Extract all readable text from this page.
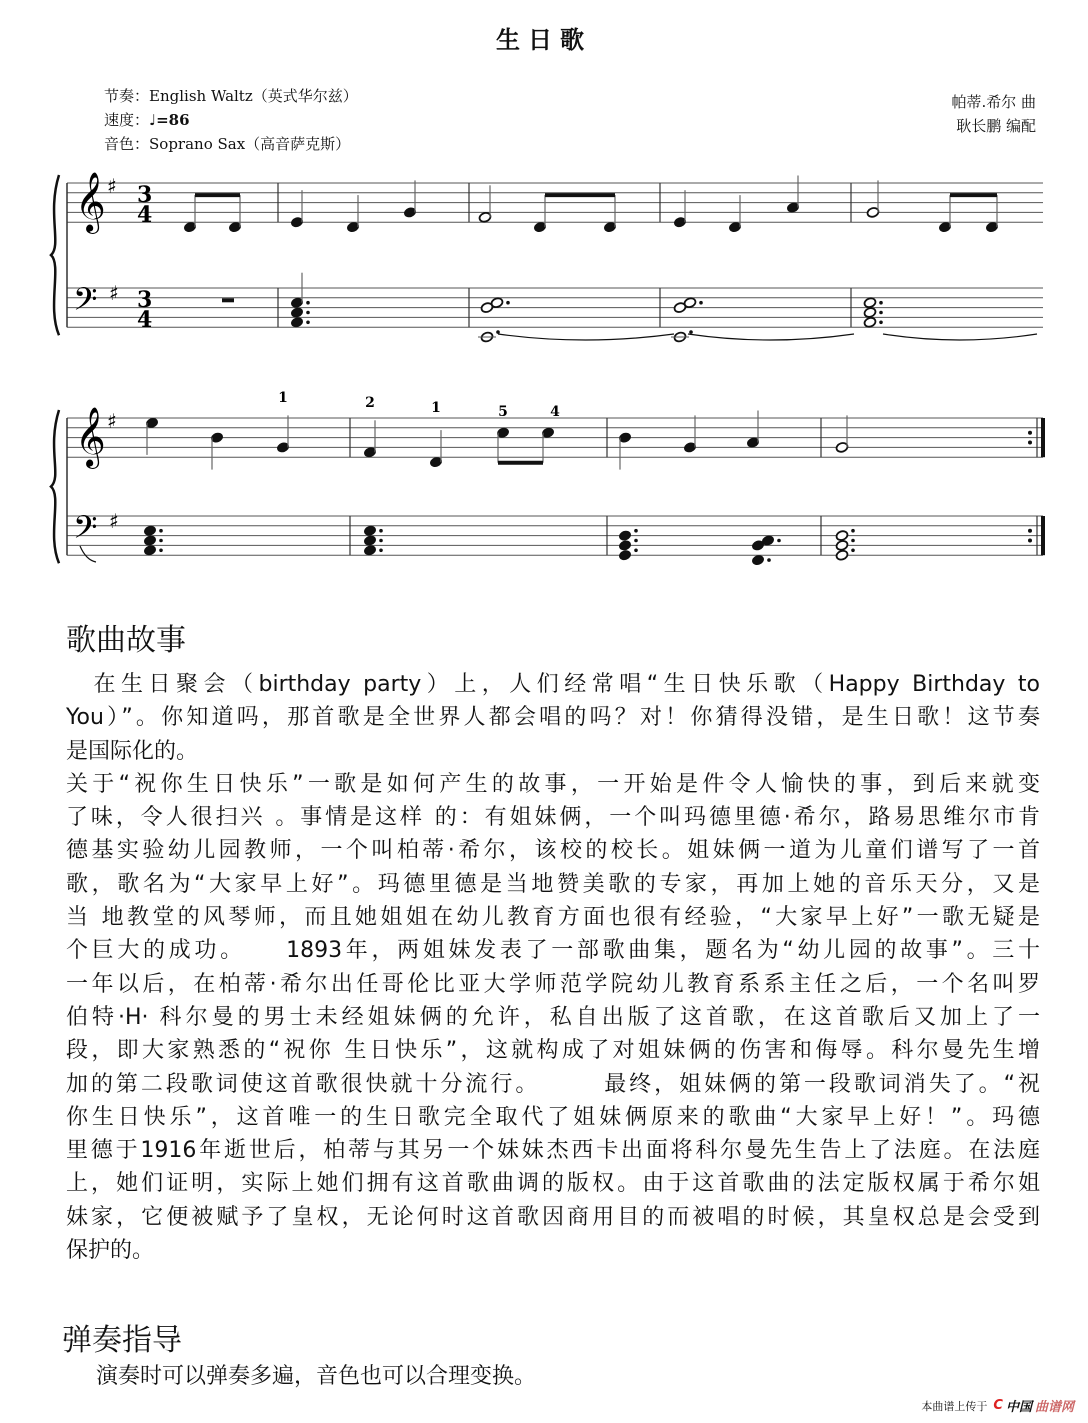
生日歌
节奏：English Waltz（英式华尔兹）
速度：♩=86
音色：Soprano Sax（高音萨克斯）
帕蒂.希尔 曲
耿长鹏 编配
𝄞
𝄢
♯
♯
3
4
3
4
𝄞
𝄢
♯
♯
1	2	1	5	4
歌曲故事
　在生日聚会（birthday party）上，人们经常唱“生日快乐歌（Happy Birthday to
You）”。你知道吗，那首歌是全世界人都会唱的吗？对！你猜得没错，是生日歌！这节奏
是国际化的。
关于“祝你生日快乐”一歌是如何产生的故事，一开始是件令人愉快的事，到后来就变
了味，令人很扫兴 。事情是这样 的：有姐妹俩，一个叫玛德里德·希尔，路易思维尔市肯
德基实验幼儿园教师，一个叫柏蒂·希尔，该校的校长。姐妹俩一道为儿童们谱写了一首
歌，歌名为“大家早上好”。玛德里德是当地赞美歌的专家，再加上她的音乐天分，又是
当 地教堂的风琴师，而且她姐姐在幼儿教育方面也很有经验，“大家早上好”一歌无疑是
个巨大的成功。　　1893年，两姐妹发表了一部歌曲集，题名为“幼儿园的故事”。三十
一年以后，在柏蒂·希尔出任哥伦比亚大学师范学院幼儿教育系系主任之后，一个名叫罗
伯特·H· 科尔曼的男士未经姐妹俩的允许，私自出版了这首歌，在这首歌后又加上了一
段，即大家熟悉的“祝你 生日快乐”，这就构成了对姐妹俩的伤害和侮辱。科尔曼先生增
加的第二段歌词使这首歌很快就十分流行。　　　最终，姐妹俩的第一段歌词消失了。“祝
你生日快乐”，这首唯一的生日歌完全取代了姐妹俩原来的歌曲“大家早上好！”。玛德
里德于1916年逝世后，柏蒂与其另一个妹妹杰西卡出面将科尔曼先生告上了法庭。在法庭
上，她们证明，实际上她们拥有这首歌曲调的版权。由于这首歌曲的法定版权属于希尔姐
妹家，它便被赋予了皇权，无论何时这首歌因商用目的而被唱的时候，其皇权总是会受到
保护的。
弹奏指导
演奏时可以弹奏多遍，音色也可以合理变换。
本曲谱上传于 C 中国 曲谱网
